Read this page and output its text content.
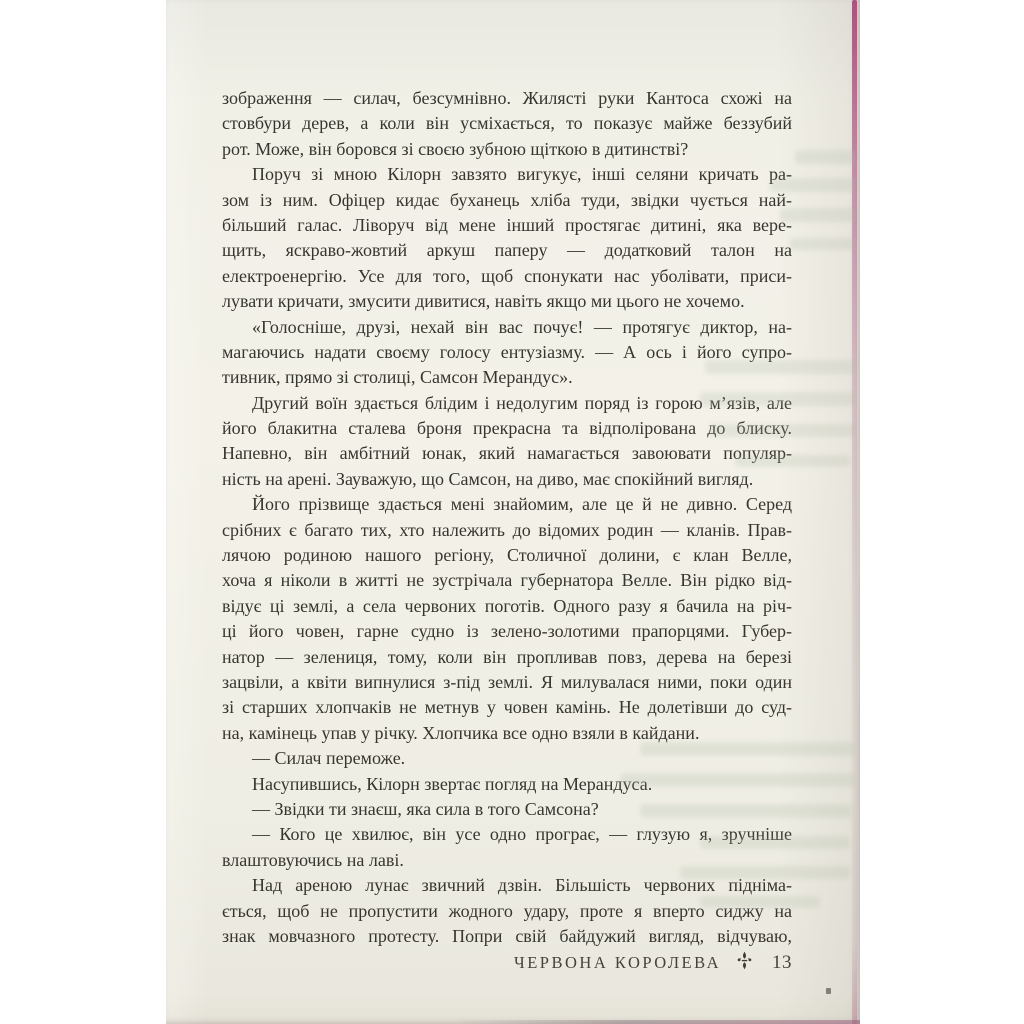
зображення — силач, безсумнівно. Жилясті руки Кантоса схожі на
стовбури дерев, а коли він усміхається, то показує майже беззубий
рот. Може, він боровся зі своєю зубною щіткою в дитинстві?
Поруч зі мною Кілорн завзято вигукує, інші селяни кричать ра-
зом із ним. Офіцер кидає буханець хліба туди, звідки чується най-
більший галас. Ліворуч від мене інший простягає дитині, яка вере-
щить, яскраво-жовтий аркуш паперу — додатковий талон на
електроенергію. Усе для того, щоб спонукати нас уболівати, приси-
лувати кричати, змусити дивитися, навіть якщо ми цього не хочемо.
«Голосніше, друзі, нехай він вас почує! — протягує диктор, на-
магаючись надати своєму голосу ентузіазму. — А ось і його супро-
тивник, прямо зі столиці, Самсон Мерандус».
Другий воїн здається блідим і недолугим поряд із горою м’язів, але
його блакитна сталева броня прекрасна та відполірована до блиску.
Напевно, він амбітний юнак, який намагається завоювати популяр-
ність на арені. Зауважую, що Самсон, на диво, має спокійний вигляд.
Його прізвище здається мені знайомим, але це й не дивно. Серед
срібних є багато тих, хто належить до відомих родин — кланів. Прав-
лячою родиною нашого регіону, Столичної долини, є клан Велле,
хоча я ніколи в житті не зустрічала губернатора Велле. Він рідко від-
відує ці землі, а села червоних поготів. Одного разу я бачила на річ-
ці його човен, гарне судно із зелено-золотими прапорцями. Губер-
натор — зелениця, тому, коли він пропливав повз, дерева на березі
зацвіли, а квіти випнулися з-під землі. Я милувалася ними, поки один
зі старших хлопчаків не метнув у човен камінь. Не долетівши до суд-
на, камінець упав у річку. Хлопчика все одно взяли в кайдани.
— Силач переможе.
Насупившись, Кілорн звертає погляд на Мерандуса.
— Звідки ти знаєш, яка сила в того Самсона?
— Кого це хвилює, він усе одно програє, — глузую я, зручніше
влаштовуючись на лаві.
Над ареною лунає звичний дзвін. Більшість червоних підніма-
ється, щоб не пропустити жодного удару, проте я вперто сиджу на
знак мовчазного протесту. Попри свій байдужий вигляд, відчуваю,
ЧЕРВОНА КОРОЛЕВА	13
